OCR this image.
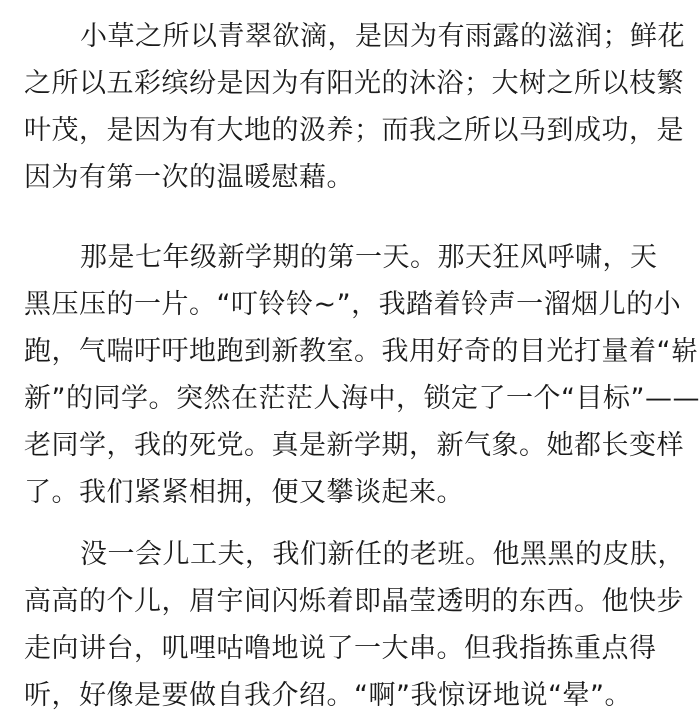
小草之所以青翠欲滴，是因为有雨露的滋润；鲜花
之所以五彩缤纷是因为有阳光的沐浴；大树之所以枝繁
叶茂，是因为有大地的汲养；而我之所以马到成功，是
因为有第一次的温暖慰藉。
那是七年级新学期的第一天。那天狂风呼啸，天
黑压压的一片。“叮铃铃~”，我踏着铃声一溜烟儿的小
跑，气喘吁吁地跑到新教室。我用好奇的目光打量着“崭
新”的同学。突然在茫茫人海中，锁定了一个“目标”——
老同学，我的死党。真是新学期，新气象。她都长变样
了。我们紧紧相拥，便又攀谈起来。
没一会儿工夫，我们新任的老班。他黑黑的皮肤，
高高的个儿，眉宇间闪烁着即晶莹透明的东西。他快步
走向讲台，叽哩咕噜地说了一大串。但我指拣重点得
听，好像是要做自我介绍。“啊”我惊讶地说“晕”。
